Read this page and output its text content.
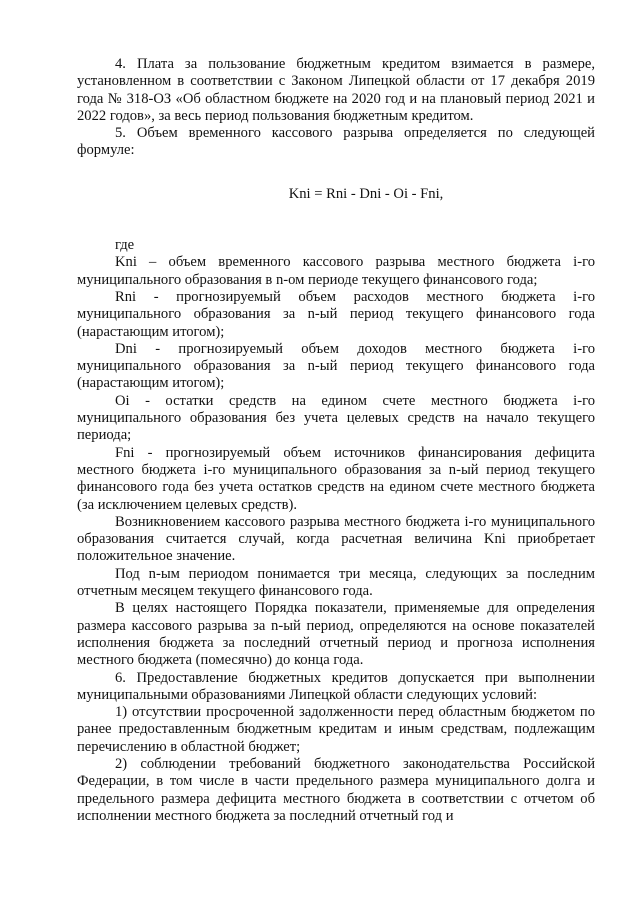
4. Плата за пользование бюджетным кредитом взимается в размере, установленном в соответствии с Законом Липецкой области от 17 декабря 2019 года № 318-ОЗ «Об областном бюджете на 2020 год и на плановый период 2021 и 2022 годов», за весь период пользования бюджетным кредитом.

5. Объем временного кассового разрыва определяется по следующей формуле:

Kni = Rni - Dni - Oi - Fni,

где

Kni – объем временного кассового разрыва местного бюджета i-го муниципального образования в n-ом периоде текущего финансового года;

Rni - прогнозируемый объем расходов местного бюджета i-го муниципального образования за n-ый период текущего финансового года (нарастающим итогом);

Dni - прогнозируемый объем доходов местного бюджета i-го муниципального образования за n-ый период текущего финансового года (нарастающим итогом);

Oi - остатки средств на едином счете местного бюджета i-го муниципального образования без учета целевых средств на начало текущего периода;

Fni - прогнозируемый объем источников финансирования дефицита местного бюджета i-го муниципального образования за n-ый период текущего финансового года без учета остатков средств на едином счете местного бюджета (за исключением целевых средств).

Возникновением кассового разрыва местного бюджета i-го муниципального образования считается случай, когда расчетная величина Kni приобретает положительное значение.

Под n-ым периодом понимается три месяца, следующих за последним отчетным месяцем текущего финансового года.

В целях настоящего Порядка показатели, применяемые для определения размера кассового разрыва за n-ый период, определяются на основе показателей исполнения бюджета за последний отчетный период и прогноза исполнения местного бюджета (помесячно) до конца года.

6. Предоставление бюджетных кредитов допускается при выполнении муниципальными образованиями Липецкой области следующих условий:

1) отсутствии просроченной задолженности перед областным бюджетом по ранее предоставленным бюджетным кредитам и иным средствам, подлежащим перечислению в областной бюджет;

2) соблюдении требований бюджетного законодательства Российской Федерации, в том числе в части предельного размера муниципального долга и предельного размера дефицита местного бюджета в соответствии с отчетом об исполнении местного бюджета за последний отчетный год и
